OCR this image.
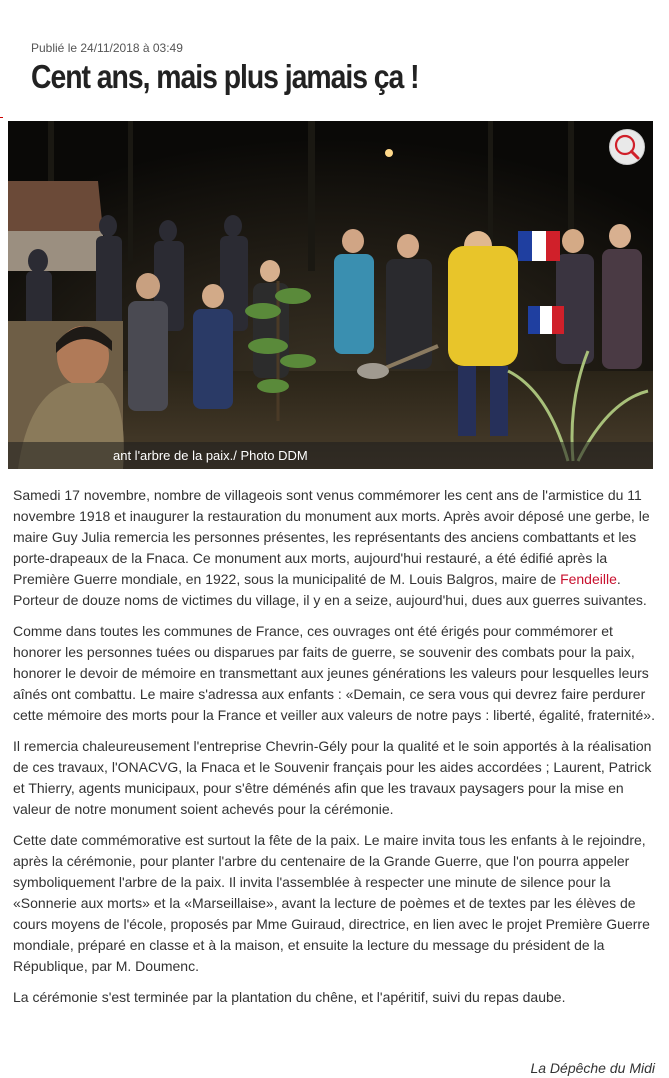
Publié le 24/11/2018 à 03:49
Cent ans, mais plus jamais ça !
ant l'arbre de la paix./ Photo DDM

Samedi 17 novembre, nombre de villageois sont venus commémorer les cent ans de l'armistice du 11 novembre 1918 et inaugurer la restauration du monument aux morts. Après avoir déposé une gerbe, le maire Guy Julia remercia les personnes présentes, les représentants des anciens combattants et les porte-drapeaux de la Fnaca. Ce monument aux morts, aujourd'hui restauré, a été édifié après la Première Guerre mondiale, en 1922, sous la municipalité de M. Louis Balgros, maire de Fendeille. Porteur de douze noms de victimes du village, il y en a seize, aujourd'hui, dues aux guerres suivantes.

Comme dans toutes les communes de France, ces ouvrages ont été érigés pour commémorer et honorer les personnes tuées ou disparues par faits de guerre, se souvenir des combats pour la paix, honorer le devoir de mémoire en transmettant aux jeunes générations les valeurs pour lesquelles leurs aînés ont combattu. Le maire s'adressa aux enfants : «Demain, ce sera vous qui devrez faire perdurer cette mémoire des morts pour la France et veiller aux valeurs de notre pays : liberté, égalité, fraternité».

Il remercia chaleureusement l'entreprise Chevrin-Gély pour la qualité et le soin apportés à la réalisation de ces travaux, l'ONACVG, la Fnaca et le Souvenir français pour les aides accordées ; Laurent, Patrick et Thierry, agents municipaux, pour s'être déménés afin que les travaux paysagers pour la mise en valeur de notre monument soient achevés pour la cérémonie.

Cette date commémorative est surtout la fête de la paix. Le maire invita tous les enfants à le rejoindre, après la cérémonie, pour planter l'arbre du centenaire de la Grande Guerre, que l'on pourra appeler symboliquement l'arbre de la paix. Il invita l'assemblée à respecter une minute de silence pour la «Sonnerie aux morts» et la «Marseillaise», avant la lecture de poèmes et de textes par les élèves de cours moyens de l'école, proposés par Mme Guiraud, directrice, en lien avec le projet Première Guerre mondiale, préparé en classe et à la maison, et ensuite la lecture du message du président de la République, par M. Doumenc.

La cérémonie s'est terminée par la plantation du chêne, et l'apéritif, suivi du repas daube.

La Dépêche du Midi
